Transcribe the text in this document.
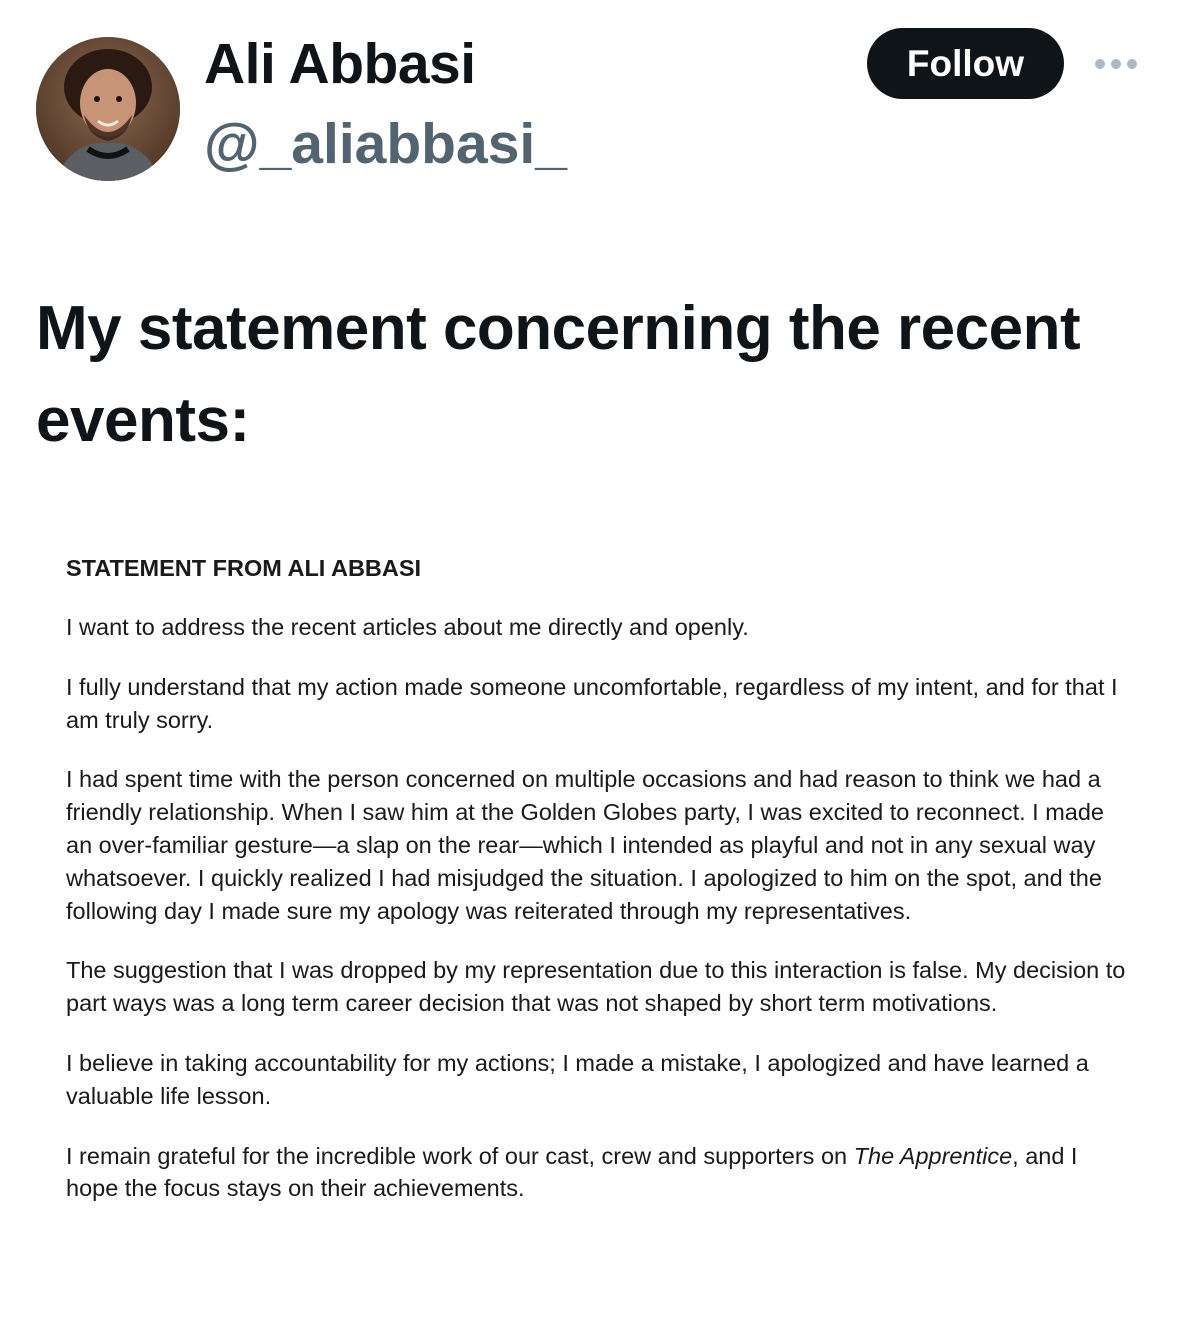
Ali Abbasi
@_aliabbasi_
Follow
My statement concerning the recent events:

STATEMENT FROM ALI ABBASI

I want to address the recent articles about me directly and openly.

I fully understand that my action made someone uncomfortable, regardless of my intent, and for that I am truly sorry.

I had spent time with the person concerned on multiple occasions and had reason to think we had a friendly relationship. When I saw him at the Golden Globes party, I was excited to reconnect. I made an over-familiar gesture—a slap on the rear—which I intended as playful and not in any sexual way whatsoever. I quickly realized I had misjudged the situation. I apologized to him on the spot, and the following day I made sure my apology was reiterated through my representatives.

The suggestion that I was dropped by my representation due to this interaction is false. My decision to part ways was a long term career decision that was not shaped by short term motivations.

I believe in taking accountability for my actions; I made a mistake, I apologized and have learned a valuable life lesson.

I remain grateful for the incredible work of our cast, crew and supporters on The Apprentice, and I hope the focus stays on their achievements.
